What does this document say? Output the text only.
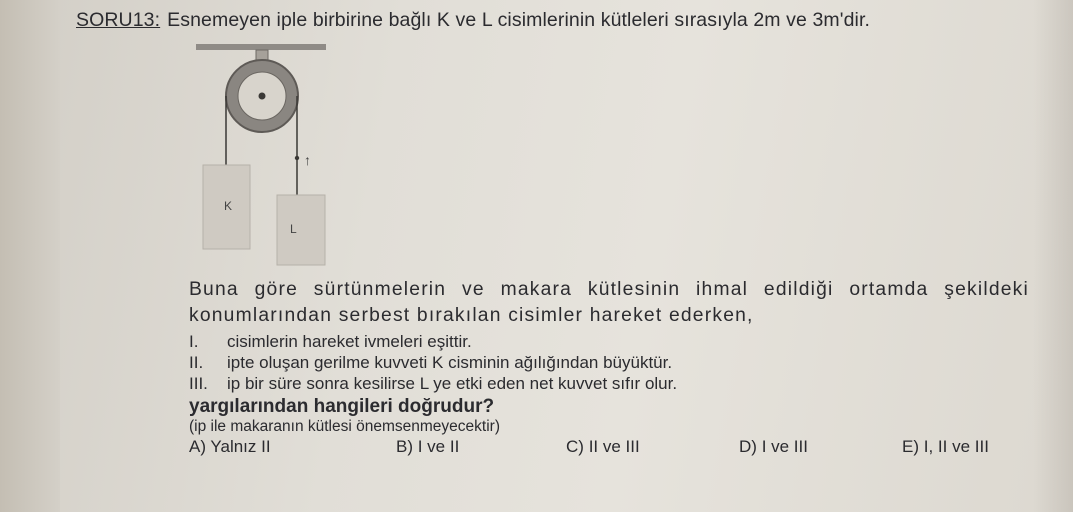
SORU13: Esnemeyen iple birbirine bağlı K ve L cisimlerinin kütleleri sırasıyla 2m ve 3m'dir.
K
L
↑
Buna göre sürtünmelerin ve makara kütlesinin ihmal edildiği ortamda şekildeki konumlarından serbest bırakılan cisimler hareket ederken,
I.	cisimlerin hareket ivmeleri eşittir.
II.	ipte oluşan gerilme kuvveti K cisminin ağılığından büyüktür.
III.	ip bir süre sonra kesilirse L ye etki eden net kuvvet sıfır olur.
yargılarından hangileri doğrudur?
(ip ile makaranın kütlesi önemsenmeyecektir)
A) Yalnız II	B) I ve II	C) II ve III	D) I ve III	E) I, II ve III
